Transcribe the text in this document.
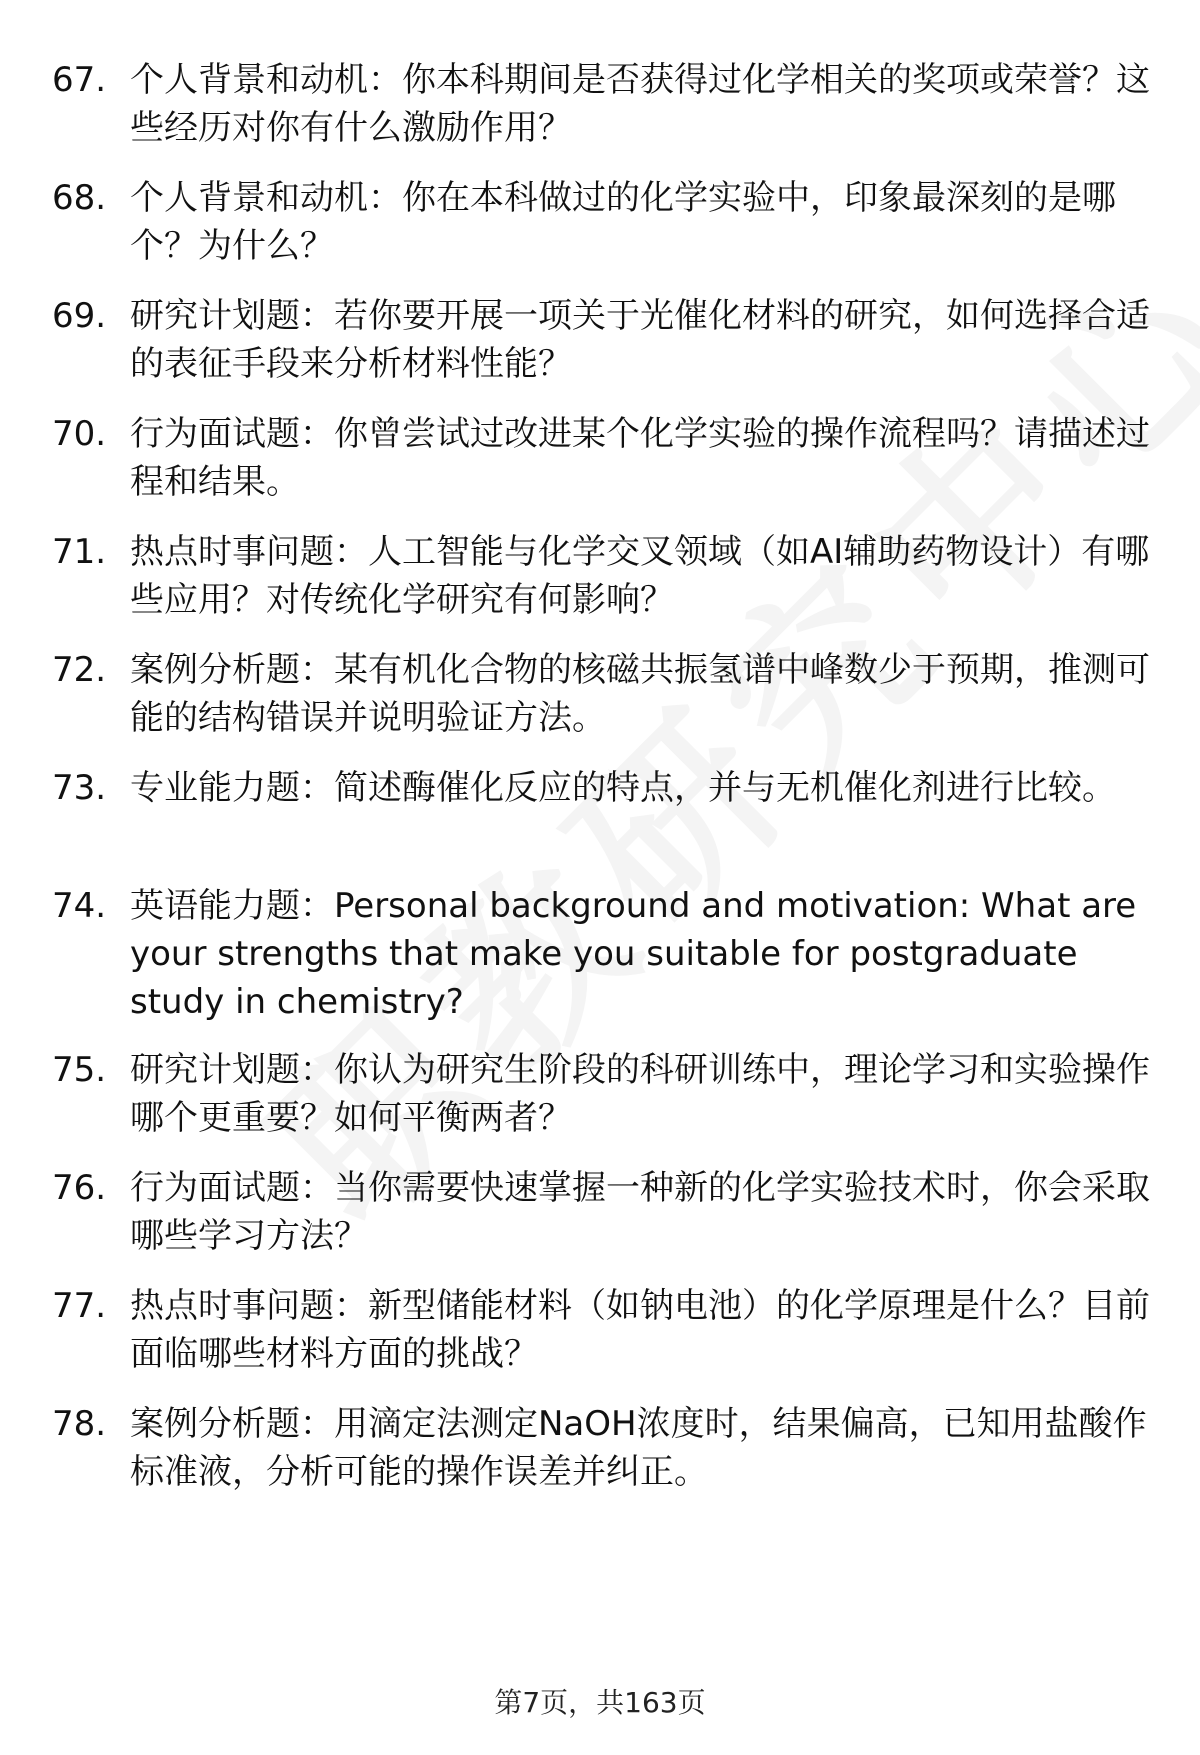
67. 个人背景和动机：你本科期间是否获得过化学相关的奖项或荣誉？这些经历对你有什么激励作用？
68. 个人背景和动机：你在本科做过的化学实验中，印象最深刻的是哪个？为什么？
69. 研究计划题：若你要开展一项关于光催化材料的研究，如何选择合适的表征手段来分析材料性能？
70. 行为面试题：你曾尝试过改进某个化学实验的操作流程吗？请描述过程和结果。
71. 热点时事问题：人工智能与化学交叉领域（如AI辅助药物设计）有哪些应用？对传统化学研究有何影响？
72. 案例分析题：某有机化合物的核磁共振氢谱中峰数少于预期，推测可能的结构错误并说明验证方法。
73. 专业能力题：简述酶催化反应的特点，并与无机催化剂进行比较。
74. 英语能力题：Personal background and motivation: What are your strengths that make you suitable for postgraduate study in chemistry?
75. 研究计划题：你认为研究生阶段的科研训练中，理论学习和实验操作哪个更重要？如何平衡两者？
76. 行为面试题：当你需要快速掌握一种新的化学实验技术时，你会采取哪些学习方法？
77. 热点时事问题：新型储能材料（如钠电池）的化学原理是什么？目前面临哪些材料方面的挑战？
78. 案例分析题：用滴定法测定NaOH浓度时，结果偏高，已知用盐酸作标准液，分析可能的操作误差并纠正。
第7页，共163页
